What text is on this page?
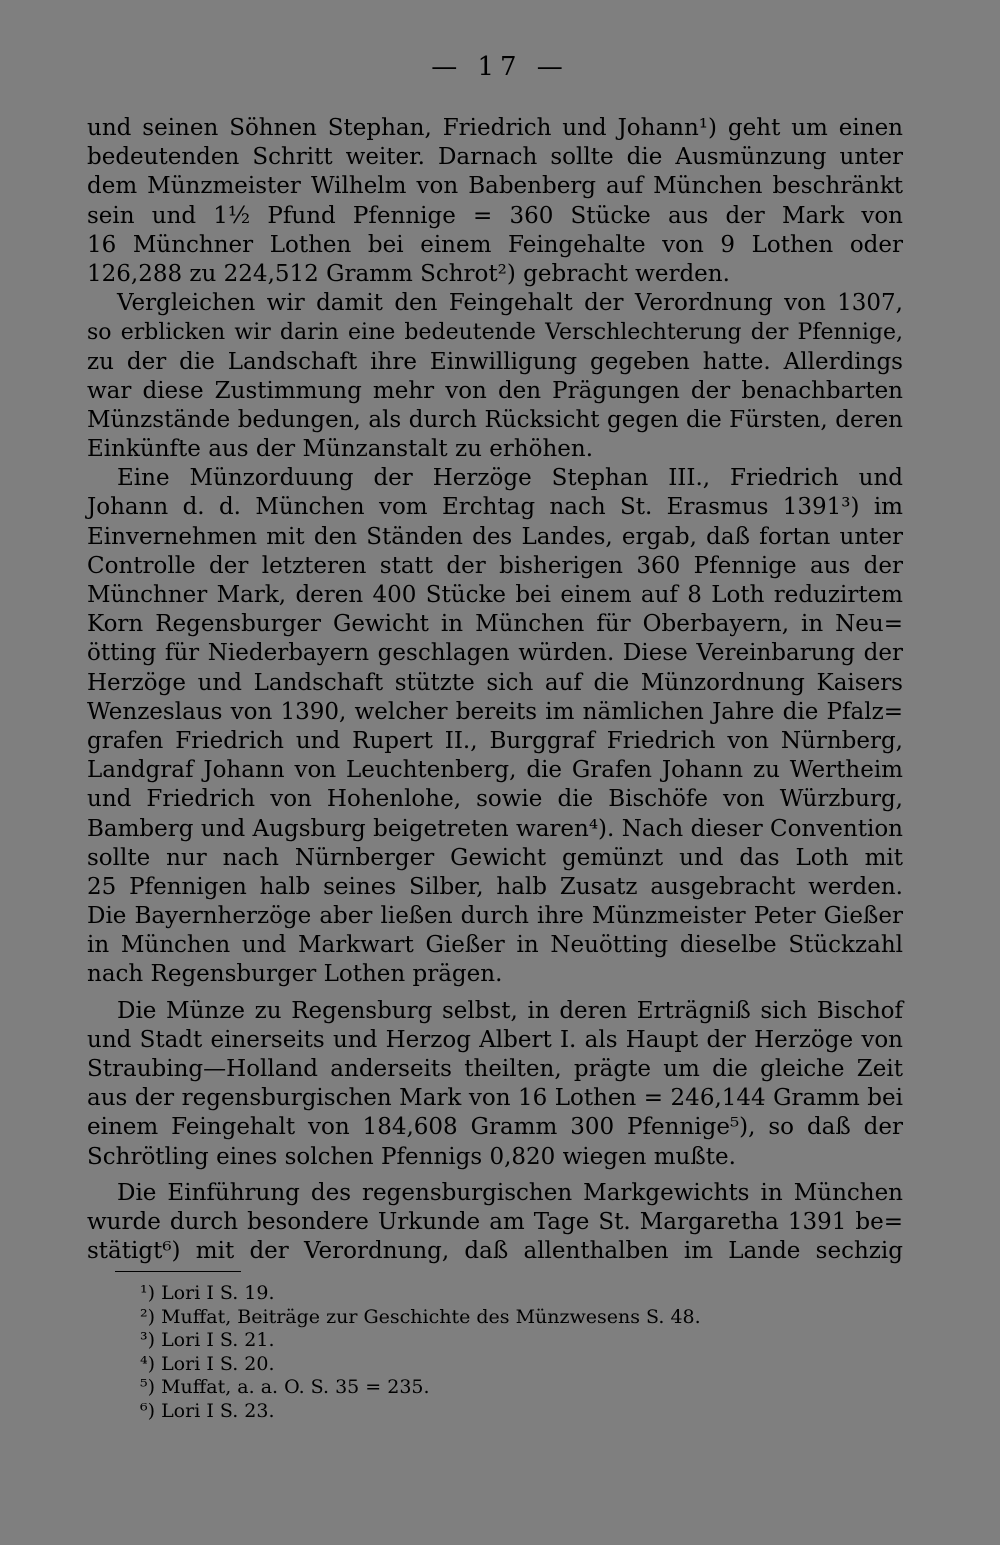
— 17 —
und seinen Söhnen Stephan, Friedrich und Johann¹) geht um einen
bedeutenden Schritt weiter. Darnach sollte die Ausmünzung unter
dem Münzmeister Wilhelm von Babenberg auf München beschränkt
sein und 1½ Pfund Pfennige = 360 Stücke aus der Mark von
16 Münchner Lothen bei einem Feingehalte von 9 Lothen oder
126,288 zu 224,512 Gramm Schrot²) gebracht werden.
Vergleichen wir damit den Feingehalt der Verordnung von 1307,
so erblicken wir darin eine bedeutende Verschlechterung der Pfennige,
zu der die Landschaft ihre Einwilligung gegeben hatte. Allerdings
war diese Zustimmung mehr von den Prägungen der benachbarten
Münzstände bedungen, als durch Rücksicht gegen die Fürsten, deren
Einkünfte aus der Münzanstalt zu erhöhen.
Eine Münzorduung der Herzöge Stephan III., Friedrich und
Johann d. d. München vom Erchtag nach St. Erasmus 1391³) im
Einvernehmen mit den Ständen des Landes, ergab, daß fortan unter
Controlle der letzteren statt der bisherigen 360 Pfennige aus der
Münchner Mark, deren 400 Stücke bei einem auf 8 Loth reduzirtem
Korn Regensburger Gewicht in München für Oberbayern, in Neu=
ötting für Niederbayern geschlagen würden. Diese Vereinbarung der
Herzöge und Landschaft stützte sich auf die Münzordnung Kaisers
Wenzeslaus von 1390, welcher bereits im nämlichen Jahre die Pfalz=
grafen Friedrich und Rupert II., Burggraf Friedrich von Nürnberg,
Landgraf Johann von Leuchtenberg, die Grafen Johann zu Wertheim
und Friedrich von Hohenlohe, sowie die Bischöfe von Würzburg,
Bamberg und Augsburg beigetreten waren⁴). Nach dieser Convention
sollte nur nach Nürnberger Gewicht gemünzt und das Loth mit
25 Pfennigen halb seines Silber, halb Zusatz ausgebracht werden.
Die Bayernherzöge aber ließen durch ihre Münzmeister Peter Gießer
in München und Markwart Gießer in Neuötting dieselbe Stückzahl
nach Regensburger Lothen prägen.
Die Münze zu Regensburg selbst, in deren Erträgniß sich Bischof
und Stadt einerseits und Herzog Albert I. als Haupt der Herzöge von
Straubing—Holland anderseits theilten, prägte um die gleiche Zeit
aus der regensburgischen Mark von 16 Lothen = 246,144 Gramm bei
einem Feingehalt von 184,608 Gramm 300 Pfennige⁵), so daß der
Schrötling eines solchen Pfennigs 0,820 wiegen mußte.
Die Einführung des regensburgischen Markgewichts in München
wurde durch besondere Urkunde am Tage St. Margaretha 1391 be=
stätigt⁶) mit der Verordnung, daß allenthalben im Lande sechzig
¹) Lori I S. 19.
²) Muffat, Beiträge zur Geschichte des Münzwesens S. 48.
³) Lori I S. 21.
⁴) Lori I S. 20.
⁵) Muffat, a. a. O. S. 35 = 235.
⁶) Lori I S. 23.
